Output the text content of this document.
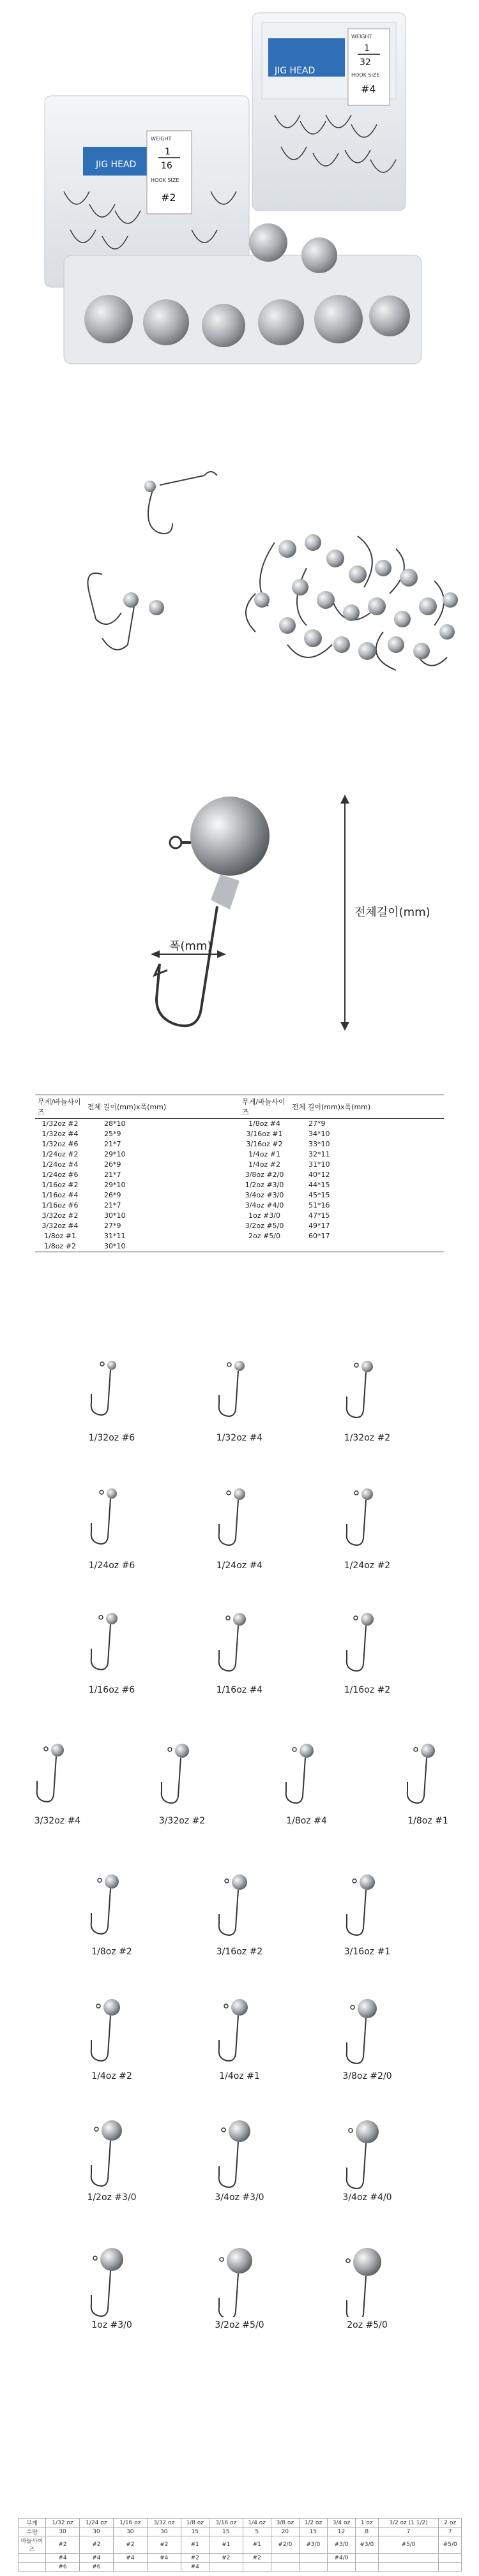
JIG HEAD
WEIGHT
1
32
HOOK SIZE
#4
JIG HEAD
WEIGHT
1
16
HOOK SIZE
#2
전체길이(mm)
폭(mm)
무게/바늘사이즈	전체 길이(mm)x폭(mm)	무게/바늘사이즈	전체 길이(mm)x폭(mm)
1/32oz #2	28*10	1/8oz #4	27*9
1/32oz #4	25*9	3/16oz #1	34*10
1/32oz #6	21*7	3/16oz #2	33*10
1/24oz #2	29*10	1/4oz #1	32*11
1/24oz #4	26*9	1/4oz #2	31*10
1/24oz #6	21*7	3/8oz #2/0	40*12
1/16oz #2	29*10	1/2oz #3/0	44*15
1/16oz #4	26*9	3/4oz #3/0	45*15
1/16oz #6	21*7	3/4oz #4/0	51*16
3/32oz #2	30*10	1oz #3/0	47*15
3/32oz #4	27*9	3/2oz #5/0	49*17
1/8oz #1	31*11	2oz #5/0	60*17
1/8oz #2	30*10		
1/32oz #6	1/32oz #4	1/32oz #2
1/24oz #6	1/24oz #4	1/24oz #2
1/16oz #6	1/16oz #4	1/16oz #2
3/32oz #4	3/32oz #2	1/8oz #4	1/8oz #1
1/8oz #2	3/16oz #2	3/16oz #1
1/4oz #2	1/4oz #1	3/8oz #2/0
1/2oz #3/0	3/4oz #3/0	3/4oz #4/0
1oz #3/0	3/2oz #5/0	2oz #5/0
무게	1/32 oz	1/24 oz	1/16 oz	3/32 oz	1/8 oz	3/16 oz	1/4 oz	3/8 oz	1/2 oz	3/4 oz	1 oz	3/2 oz (1 1/2)	2 oz
수량	30	30	30	30	15	15	5	20	15	12	8	7	7
바늘사이즈	#2	#2	#2	#2	#1	#1	#1	#2/0	#3/0	#3/0	#3/0	#5/0	#5/0
	#4	#4	#4	#4	#2	#2	#2			#4/0			
	#6	#6			#4								
